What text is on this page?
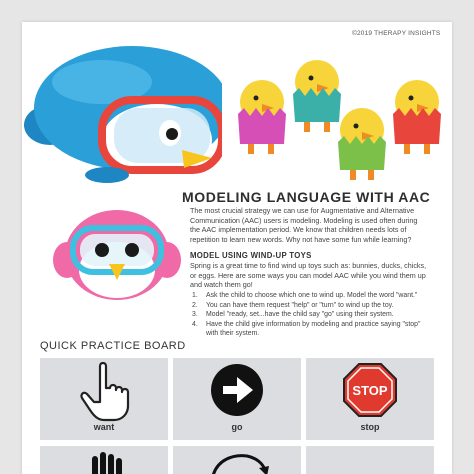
©2019 THERAPY INSIGHTS
MODELING LANGUAGE WITH AAC
The most crucial strategy we can use for Augmentative and Alternative
Communication (AAC) users is modeling. Modeling is used often during
the AAC implementation period. We know that children needs lots of
repetition to learn new words. Why not have some fun while learning?
MODEL USING WIND-UP TOYS
Spring is a great time to find wind up toys such as: bunnies, ducks, chicks,
or eggs. Here are some ways you can model AAC while you wind them up
and watch them go!
1. Ask the child to choose which one to wind up. Model the word "want."
2. You can have them request "help" or "turn" to wind up the toy.
3. Model "ready, set...have the child say "go" using their system.
4. Have the child give information by modeling and practice saying "stop"
with their system.
QUICK PRACTICE BOARD
want	go
STOP
stop
